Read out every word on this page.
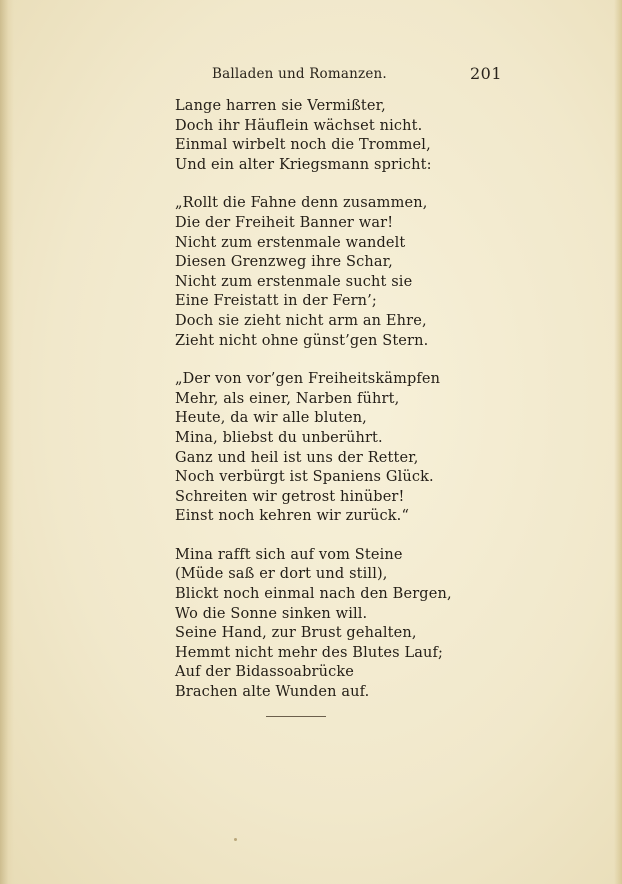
Balladen und Romanzen.	201
Lange harren sie Vermißter,
Doch ihr Häuflein wächset nicht.
Einmal wirbelt noch die Trommel,
Und ein alter Kriegsmann spricht:
„Rollt die Fahne denn zusammen,
Die der Freiheit Banner war!
Nicht zum erstenmale wandelt
Diesen Grenzweg ihre Schar,
Nicht zum erstenmale sucht sie
Eine Freistatt in der Fern’;
Doch sie zieht nicht arm an Ehre,
Zieht nicht ohne günst’gen Stern.
„Der von vor’gen Freiheitskämpfen
Mehr, als einer, Narben führt,
Heute, da wir alle bluten,
Mina, bliebst du unberührt.
Ganz und heil ist uns der Retter,
Noch verbürgt ist Spaniens Glück.
Schreiten wir getrost hinüber!
Einst noch kehren wir zurück.“
Mina rafft sich auf vom Steine
(Müde saß er dort und still),
Blickt noch einmal nach den Bergen,
Wo die Sonne sinken will.
Seine Hand, zur Brust gehalten,
Hemmt nicht mehr des Blutes Lauf;
Auf der Bidassoabrücke
Brachen alte Wunden auf.
